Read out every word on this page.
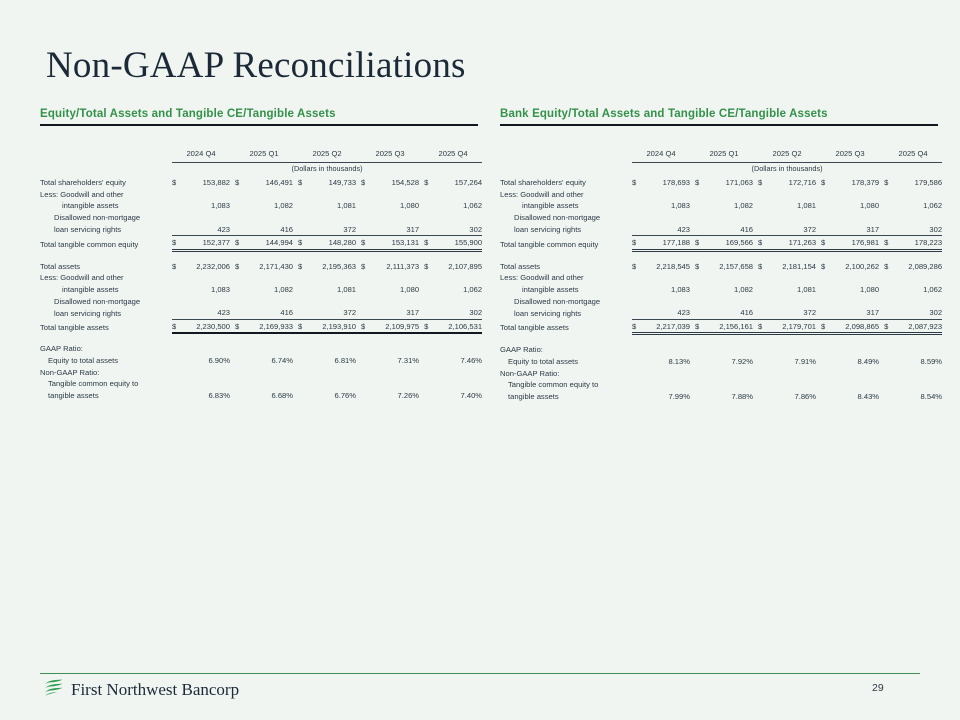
Non-GAAP Reconciliations
Equity/Total Assets and Tangible CE/Tangible Assets
	2024 Q4			2025 Q1			2025 Q2			2025 Q3			2025 Q4	
	(Dollars in thousands)													
Total shareholders' equity	$	153,882		$	146,491		$	149,733		$	154,528		$	157,264
Less: Goodwill and other														
intangible assets		1,083			1,082			1,081			1,080			1,062
Disallowed non-mortgage														
loan servicing rights		423			416			372			317			302

Total tangible common equity	$	152,377		$	144,994		$	148,280		$	153,131		$	155,900

Total assets	$	2,232,006		$	2,171,430		$	2,195,363		$	2,111,373		$	2,107,895
Less: Goodwill and other														
intangible assets		1,083			1,082			1,081			1,080			1,062
Disallowed non-mortgage														
loan servicing rights		423			416			372			317			302

Total tangible assets	$	2,230,500		$	2,169,933		$	2,193,910		$	2,109,975		$	2,106,531

GAAP Ratio:														
Equity to total assets		6.90%			6.74%			6.81%			7.31%			7.46%
Non-GAAP Ratio:														
Tangible common equity to														
tangible assets		6.83%			6.68%			6.76%			7.26%			7.40%
Bank Equity/Total Assets and Tangible CE/Tangible Assets
	2024 Q4			2025 Q1			2025 Q2			2025 Q3			2025 Q4	
	(Dollars in thousands)													
Total shareholders' equity	$	178,693		$	171,063		$	172,716		$	178,379		$	179,586
Less: Goodwill and other														
intangible assets		1,083			1,082			1,081			1,080			1,062
Disallowed non-mortgage														
loan servicing rights		423			416			372			317			302

Total tangible common equity	$	177,188		$	169,566		$	171,263		$	176,981		$	178,223

Total assets	$	2,218,545		$	2,157,658		$	2,181,154		$	2,100,262		$	2,089,286
Less: Goodwill and other														
intangible assets		1,083			1,082			1,081			1,080			1,062
Disallowed non-mortgage														
loan servicing rights		423			416			372			317			302

Total tangible assets	$	2,217,039		$	2,156,161		$	2,179,701		$	2,098,865		$	2,087,923

GAAP Ratio:														
Equity to total assets		8.13%			7.92%			7.91%			8.49%			8.59%
Non-GAAP Ratio:														
Tangible common equity to														
tangible assets		7.99%			7.88%			7.86%			8.43%			8.54%
First Northwest Bancorp	29
